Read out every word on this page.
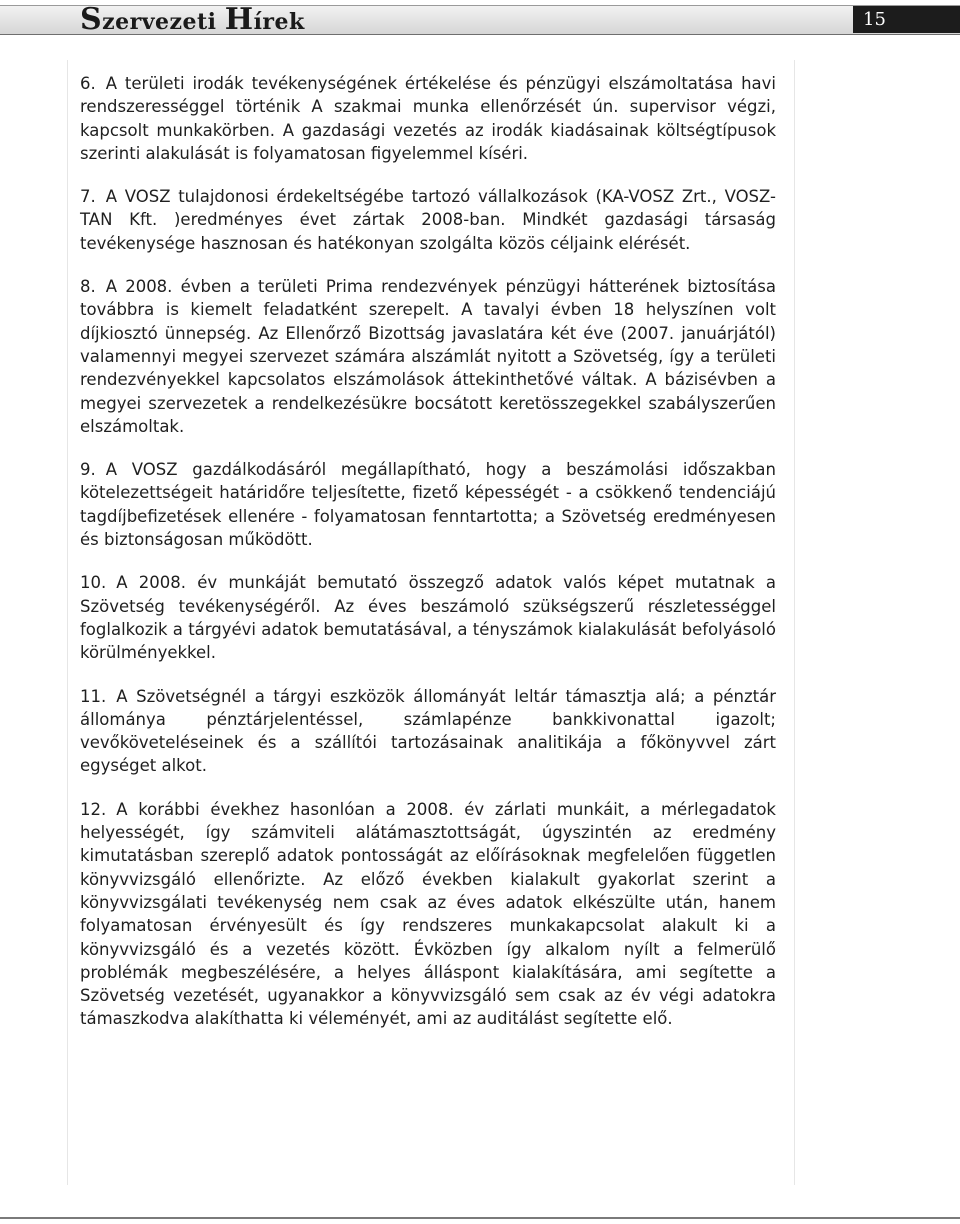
Szervezeti Hírek	15
6. A területi irodák tevékenységének értékelése és pénzügyi elszámoltatása havi rendszerességgel történik A szakmai munka ellenőrzését ún. supervisor végzi, kapcsolt munkakörben. A gazdasági vezetés az irodák kiadásainak költségtípusok szerinti alakulását is folyamatosan figyelemmel kíséri.
7. A VOSZ tulajdonosi érdekeltségébe tartozó vállalkozások (KA-VOSZ Zrt., VOSZ-TAN Kft. )eredményes évet zártak 2008-ban. Mindkét gazdasági társaság tevékenysége hasznosan és hatékonyan szolgálta közös céljaink elérését.
8. A 2008. évben a területi Prima rendezvények pénzügyi hátterének biztosítása továbbra is kiemelt feladatként szerepelt. A tavalyi évben 18 helyszínen volt díjkiosztó ünnepség. Az Ellenőrző Bizottság javaslatára két éve (2007. januárjától) valamennyi megyei szervezet számára alszámlát nyitott a Szövetség, így a területi rendezvényekkel kapcsolatos elszámolások áttekinthetővé váltak. A bázisévben a megyei szervezetek a rendelkezésükre bocsátott keretösszegekkel szabályszerűen elszámoltak.
9. A VOSZ gazdálkodásáról megállapítható, hogy a beszámolási időszakban kötelezettségeit határidőre teljesítette, fizető képességét - a csökkenő tendenciájú tagdíjbefizetések ellenére - folyamatosan fenntartotta; a Szövetség eredményesen és biztonságosan működött.
10. A 2008. év munkáját bemutató összegző adatok valós képet mutatnak a Szövetség tevékenységéről. Az éves beszámoló szükségszerű részletességgel foglalkozik a tárgyévi adatok bemutatásával, a tényszámok kialakulását befolyásoló körülményekkel.
11. A Szövetségnél a tárgyi eszközök állományát leltár támasztja alá; a pénztár állománya pénztárjelentéssel, számlapénze bankkivonattal igazolt; vevőköveteléseinek és a szállítói tartozásainak analitikája a főkönyvvel zárt egységet alkot.
12. A korábbi évekhez hasonlóan a 2008. év zárlati munkáit, a mérlegadatok helyességét, így számviteli alátámasztottságát, úgyszintén az eredmény kimutatásban szereplő adatok pontosságát az előírásoknak megfelelően független könyvvizsgáló ellenőrizte. Az előző években kialakult gyakorlat szerint a könyvvizsgálati tevékenység nem csak az éves adatok elkészülte után, hanem folyamatosan érvényesült és így rendszeres munkakapcsolat alakult ki a könyvvizsgáló és a vezetés között. Évközben így alkalom nyílt a felmerülő problémák megbeszélésére, a helyes álláspont kialakítására, ami segítette a Szövetség vezetését, ugyanakkor a könyvvizsgáló sem csak az év végi adatokra támaszkodva alakíthatta ki véleményét, ami az auditálást segítette elő.
